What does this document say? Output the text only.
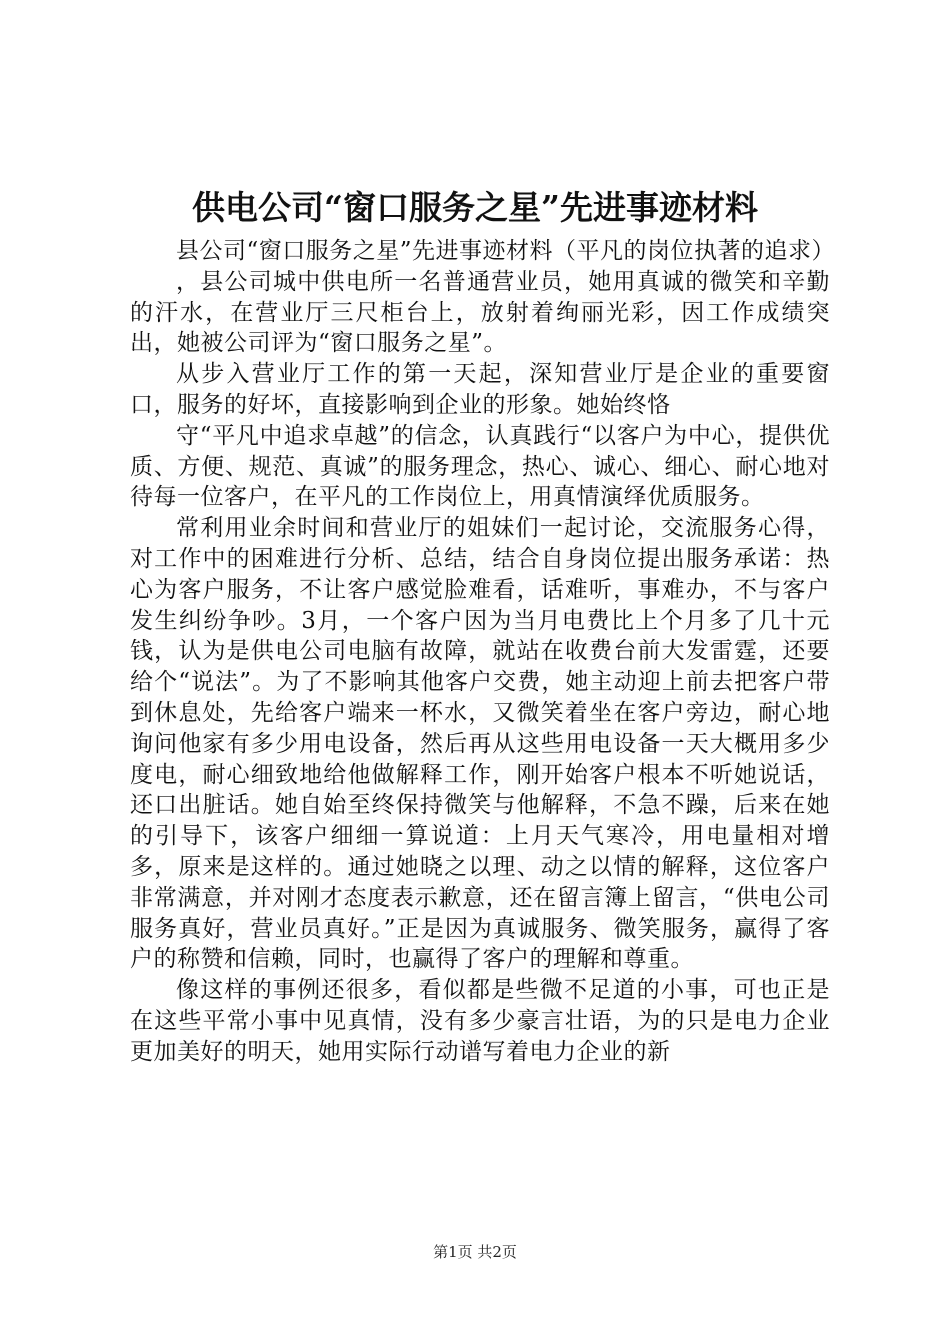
供电公司“窗口服务之星”先进事迹材料

县公司“窗口服务之星”先进事迹材料（平凡的岗位执著的追求）

，县公司城中供电所一名普通营业员，她用真诚的微笑和辛勤的汗水，在营业厅三尺柜台上，放射着绚丽光彩，因工作成绩突出，她被公司评为“窗口服务之星”。

从步入营业厅工作的第一天起，深知营业厅是企业的重要窗口，服务的好坏，直接影响到企业的形象。她始终恪

守“平凡中追求卓越”的信念，认真践行“以客户为中心，提供优质、方便、规范、真诚”的服务理念，热心、诚心、细心、耐心地对待每一位客户，在平凡的工作岗位上，用真情演绎优质服务。

常利用业余时间和营业厅的姐妹们一起讨论，交流服务心得，对工作中的困难进行分析、总结，结合自身岗位提出服务承诺：热心为客户服务，不让客户感觉脸难看，话难听，事难办，不与客户发生纠纷争吵。3月，一个客户因为当月电费比上个月多了几十元钱，认为是供电公司电脑有故障，就站在收费台前大发雷霆，还要给个“说法”。为了不影响其他客户交费，她主动迎上前去把客户带到休息处，先给客户端来一杯水，又微笑着坐在客户旁边，耐心地询问他家有多少用电设备，然后再从这些用电设备一天大概用多少度电，耐心细致地给他做解释工作，刚开始客户根本不听她说话，还口出脏话。她自始至终保持微笑与他解释，不急不躁，后来在她的引导下，该客户细细一算说道：上月天气寒冷，用电量相对增多，原来是这样的。通过她晓之以理、动之以情的解释，这位客户非常满意，并对刚才态度表示歉意，还在留言簿上留言，“供电公司服务真好，营业员真好。”正是因为真诚服务、微笑服务，赢得了客户的称赞和信赖，同时，也赢得了客户的理解和尊重。

像这样的事例还很多，看似都是些微不足道的小事，可也正是在这些平常小事中见真情，没有多少豪言壮语，为的只是电力企业更加美好的明天，她用实际行动谱写着电力企业的新

第1页 共2页
